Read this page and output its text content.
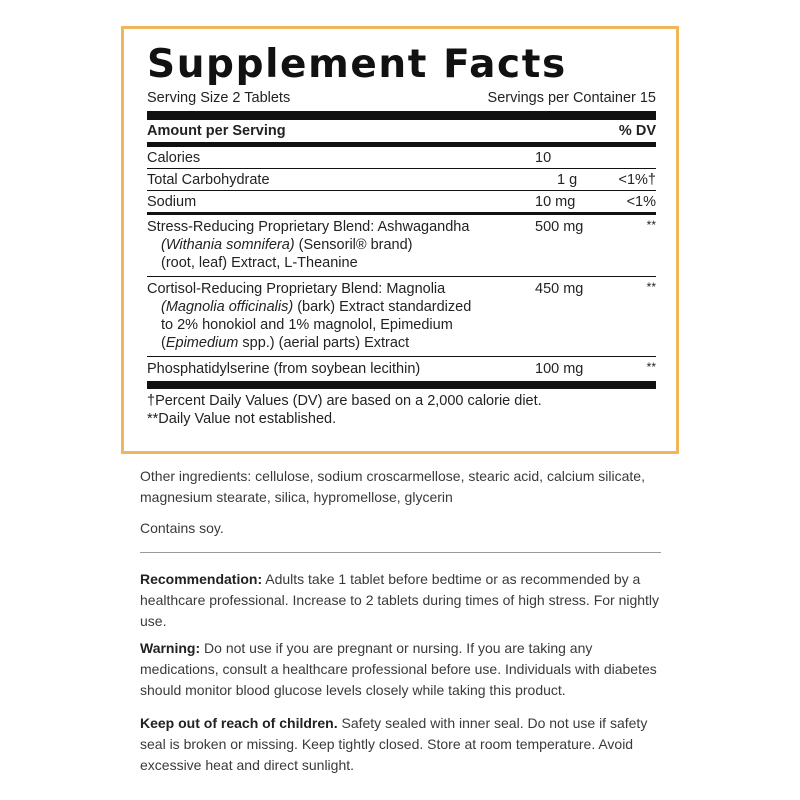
Supplement Facts
Serving Size 2 Tablets	Servings per Container 15
Amount per Serving	% DV
Calories	10
Total Carbohydrate	1 g	<1%†
Sodium	10 mg	<1%
Stress-Reducing Proprietary Blend: Ashwagandha
(Withania somnifera) (Sensoril® brand)
(root, leaf) Extract, L-Theanine
500 mg	**
Cortisol-Reducing Proprietary Blend: Magnolia
(Magnolia officinalis) (bark) Extract standardized
to 2% honokiol and 1% magnolol, Epimedium
(Epimedium spp.) (aerial parts) Extract
450 mg	**
Phosphatidylserine (from soybean lecithin)	100 mg	**
†Percent Daily Values (DV) are based on a 2,000 calorie diet.
**Daily Value not established.
Other ingredients: cellulose, sodium croscarmellose, stearic acid, calcium silicate, magnesium stearate, silica, hypromellose, glycerin
Contains soy.
Recommendation: Adults take 1 tablet before bedtime or as recommended by a healthcare professional. Increase to 2 tablets during times of high stress. For nightly use.
Warning: Do not use if you are pregnant or nursing. If you are taking any medications, consult a healthcare professional before use. Individuals with diabetes should monitor blood glucose levels closely while taking this product.
Keep out of reach of children. Safety sealed with inner seal. Do not use if safety seal is broken or missing. Keep tightly closed. Store at room temperature. Avoid excessive heat and direct sunlight.
